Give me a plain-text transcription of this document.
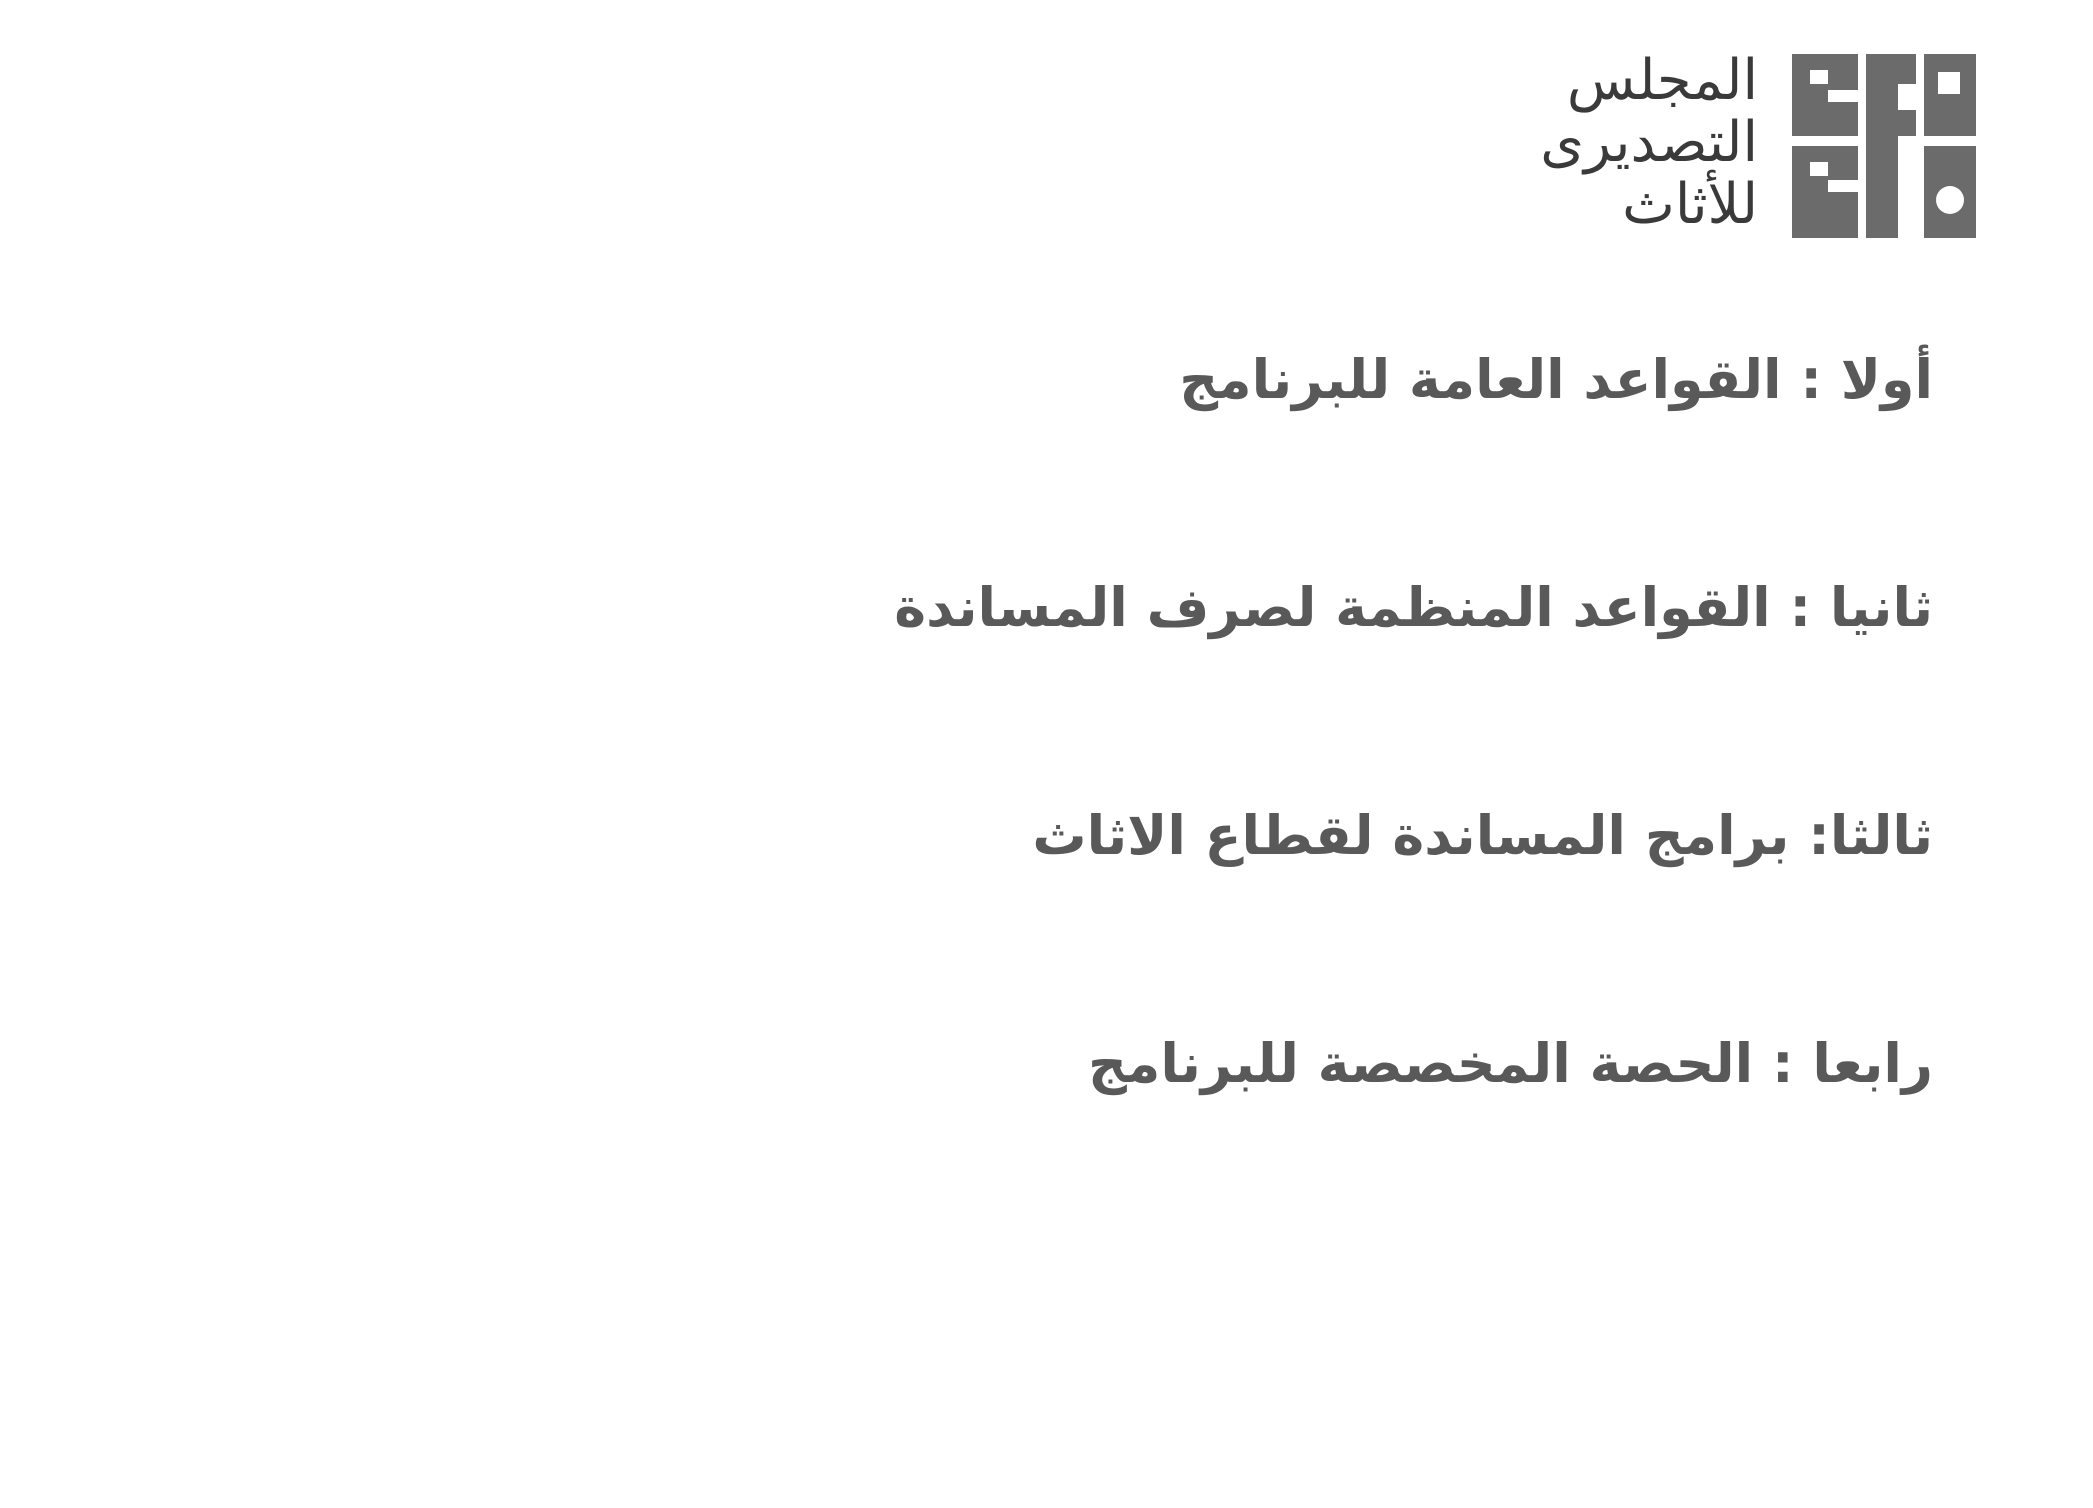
المجلس
التصديرى
للأثاث
أولا : القواعد العامة للبرنامج
ثانيا : القواعد المنظمة لصرف المساندة
ثالثا: برامج المساندة لقطاع الاثاث
رابعا : الحصة المخصصة للبرنامج
